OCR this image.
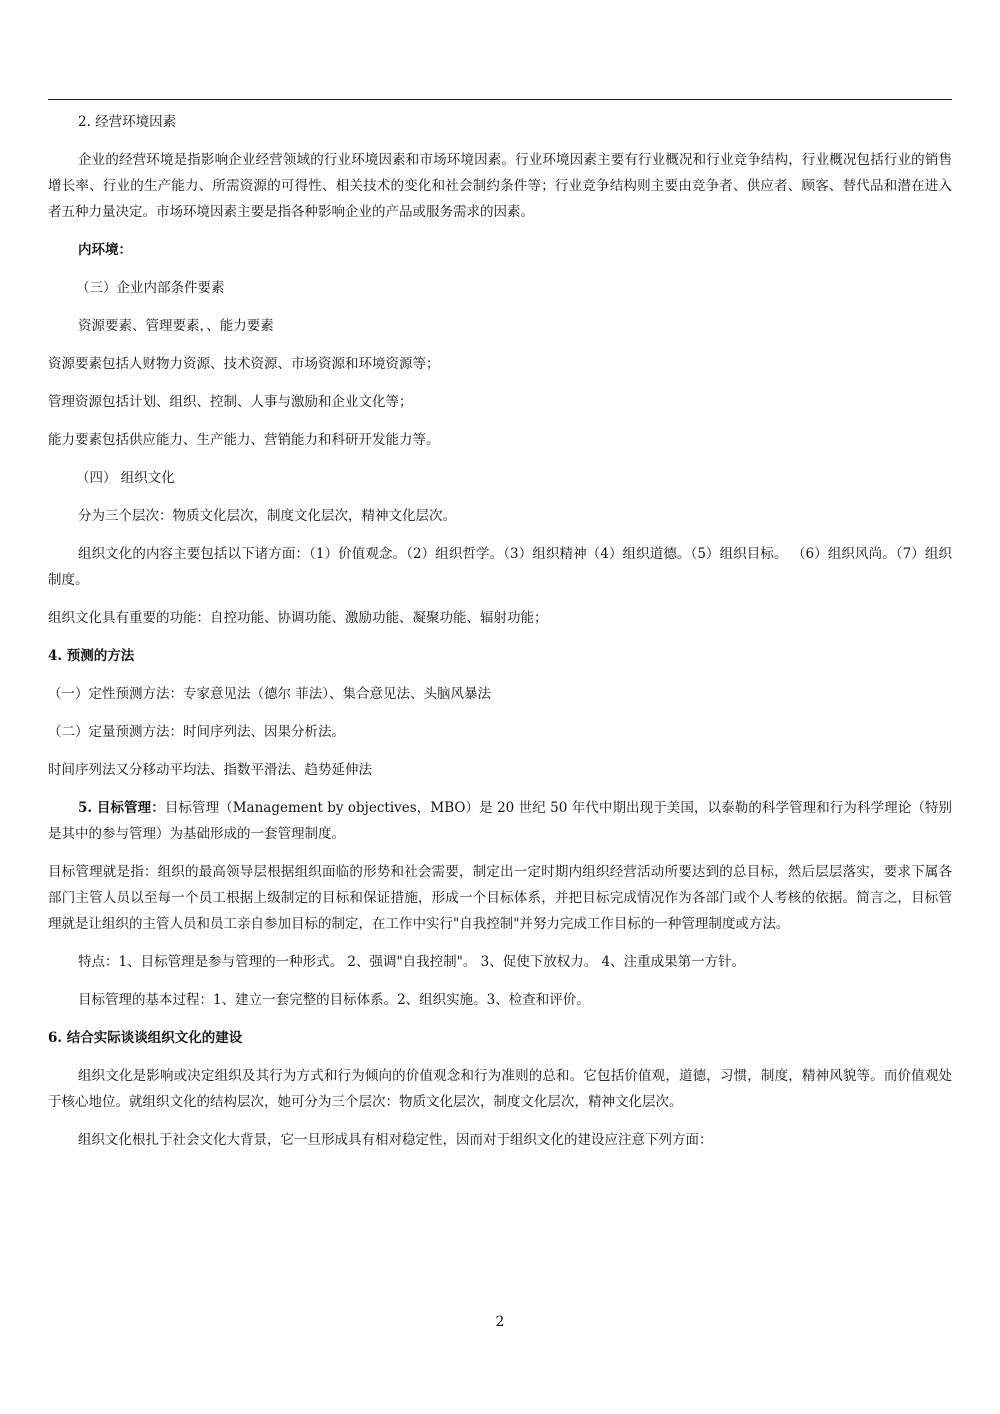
2. 经营环境因素

企业的经营环境是指影响企业经营领域的行业环境因素和市场环境因素。行业环境因素主要有行业概况和行业竞争结构，行业概况包括行业的销售增长率、行业的生产能力、所需资源的可得性、相关技术的变化和社会制约条件等；行业竞争结构则主要由竞争者、供应者、顾客、替代品和潜在进入者五种力量决定。市场环境因素主要是指各种影响企业的产品或服务需求的因素。

内环境：

（三）企业内部条件要素

资源要素、管理要素，、能力要素

资源要素包括人财物力资源、技术资源、市场资源和环境资源等；

管理资源包括计划、组织、控制、人事与激励和企业文化等；

能力要素包括供应能力、生产能力、营销能力和科研开发能力等。

（四） 组织文化

分为三个层次：物质文化层次，制度文化层次，精神文化层次。

组织文化的内容主要包括以下诸方面：（1）价值观念。（2）组织哲学。（3）组织精神（4）组织道德。（5）组织目标。 （6）组织风尚。（7）组织制度。

组织文化具有重要的功能：自控功能、协调功能、激励功能、凝聚功能、辐射功能；

4. 预测的方法

（一）定性预测方法：专家意见法（德尔 菲法）、集合意见法、头脑风暴法

（二）定量预测方法：时间序列法、因果分析法。

时间序列法又分移动平均法、指数平滑法、趋势延伸法

5. 目标管理：目标管理（Management by objectives，MBO）是 20 世纪 50 年代中期出现于美国，以泰勒的科学管理和行为科学理论（特别是其中的参与管理）为基础形成的一套管理制度。

目标管理就是指：组织的最高领导层根据组织面临的形势和社会需要，制定出一定时期内组织经营活动所要达到的总目标，然后层层落实，要求下属各部门主管人员以至每一个员工根据上级制定的目标和保证措施，形成一个目标体系，并把目标完成情况作为各部门或个人考核的依据。简言之，目标管理就是让组织的主管人员和员工亲自参加目标的制定，在工作中实行"自我控制"并努力完成工作目标的一种管理制度或方法。

特点：1、目标管理是参与管理的一种形式。 2、强调"自我控制"。 3、促使下放权力。 4、注重成果第一方针。

目标管理的基本过程：1、建立一套完整的目标体系。2、组织实施。3、检查和评价。

6. 结合实际谈谈组织文化的建设

组织文化是影响或决定组织及其行为方式和行为倾向的价值观念和行为准则的总和。它包括价值观，道德，习惯，制度，精神风貌等。而价值观处于核心地位。就组织文化的结构层次，她可分为三个层次：物质文化层次，制度文化层次，精神文化层次。

组织文化根扎于社会文化大背景，它一旦形成具有相对稳定性，因而对于组织文化的建设应注意下列方面：

2
